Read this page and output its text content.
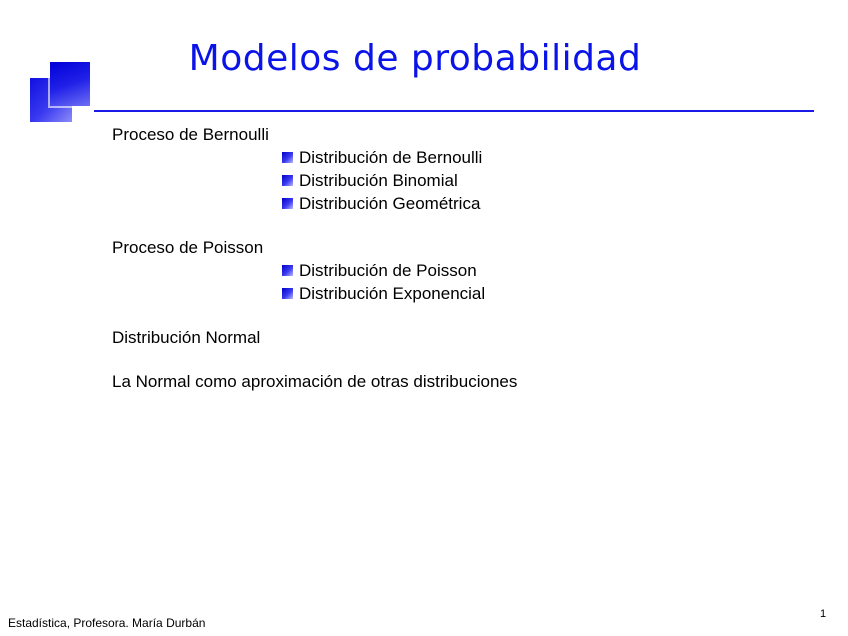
Modelos de probabilidad

Proceso de Bernoulli

Distribución de Bernoulli
Distribución Binomial
Distribución Geométrica

Proceso de Poisson

Distribución de Poisson
Distribución Exponencial

Distribución Normal

La Normal como aproximación de otras distribuciones

Estadística, Profesora. María Durbán
1
